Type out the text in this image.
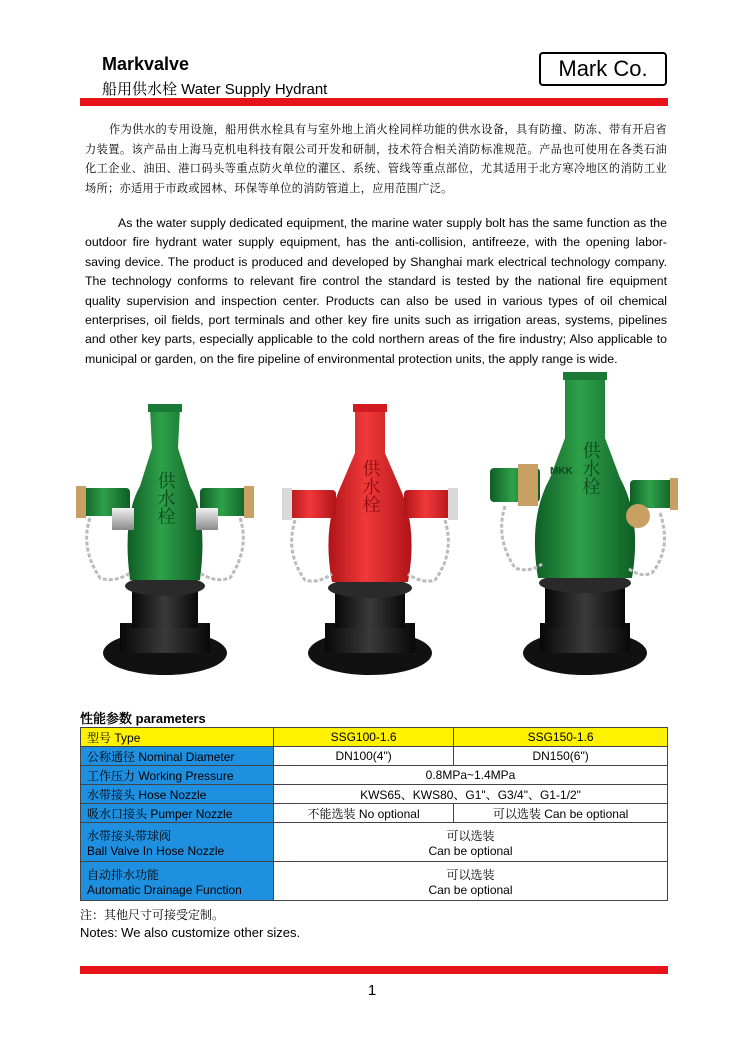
Markvalve
船用供水栓 Water Supply Hydrant
Mark Co.
作为供水的专用设施，船用供水栓具有与室外地上消火栓同样功能的供水设备，具有防撞、防冻、带有开启省力装置。该产品由上海马克机电科技有限公司开发和研制，技术符合相关消防标准规范。产品也可使用在各类石油化工企业、油田、港口码头等重点防火单位的灌区、系统、管线等重点部位，尤其适用于北方寒冷地区的消防工业场所；亦适用于市政或园林、环保等单位的消防管道上，应用范围广泛。
As the water supply dedicated equipment, the marine water supply bolt has the same function as the outdoor fire hydrant water supply equipment, has the anti-collision, antifreeze, with the opening labor-saving device. The product is produced and developed by Shanghai mark electrical technology company. The technology conforms to relevant fire control the standard is tested by the national fire equipment quality supervision and inspection center. Products can also be used in various types of oil chemical enterprises, oil fields, port terminals and other key fire units such as irrigation areas, systems, pipelines and other key parts, especially applicable to the cold northern areas of the fire industry; Also applicable to municipal or garden, on the fire pipeline of environmental protection units, the apply range is wide.
供水栓	供水栓	MKK 供水栓
性能参数 parameters
型号 Type	SSG100-1.6	SSG150-1.6
公称通径 Nominal Diameter	DN100(4")	DN150(6")
工作压力 Working Pressure	0.8MPa~1.4MPa	
水带接头 Hose Nozzle	KWS65、KWS80、G1"、G3/4"、G1-1/2"	
吸水口接头 Pumper Nozzle	不能选装 No optional	可以选装 Can be optional
水带接头带球阀
Ball Valve In Hose Nozzle	可以选装
Can be optional	
自动排水功能
Automatic Drainage Function	可以选装
Can be optional	
注：其他尺寸可接受定制。
Notes: We also customize other sizes.
1
